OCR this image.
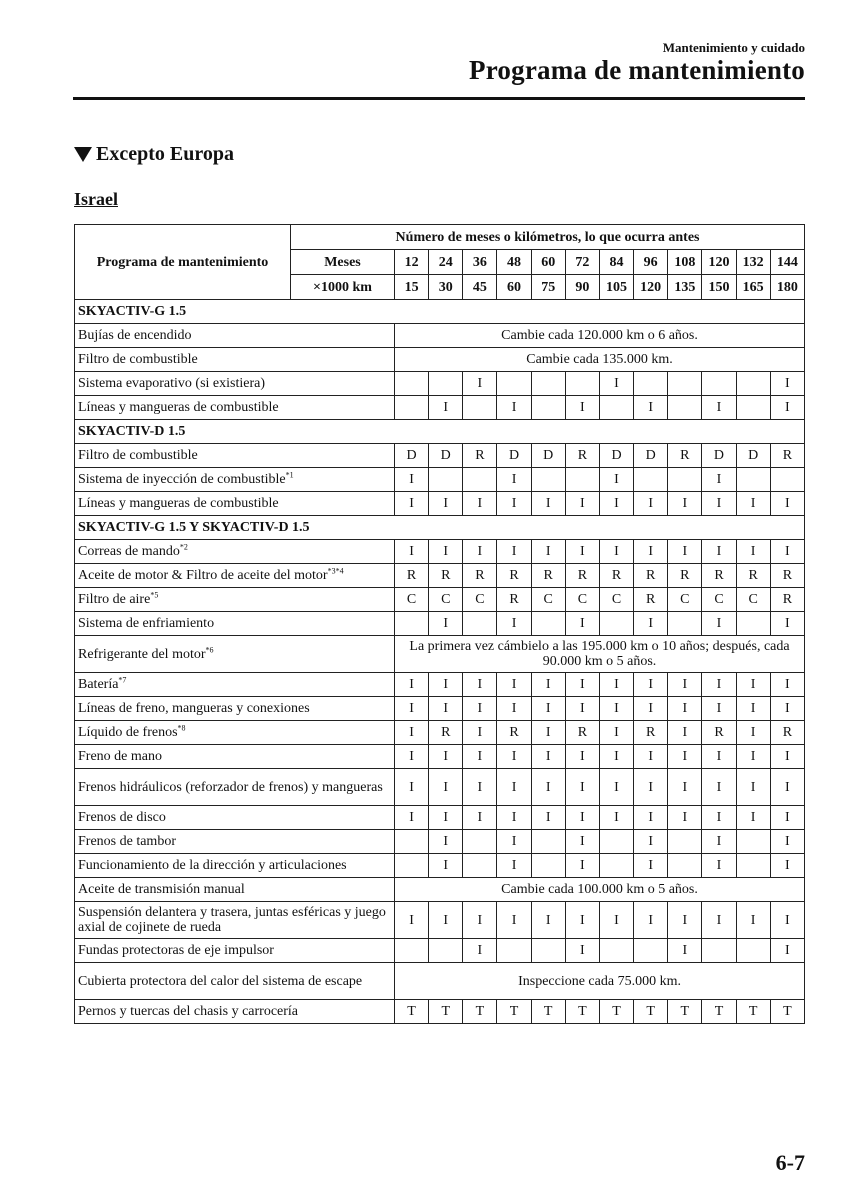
Mantenimiento y cuidado
Programa de mantenimiento
Excepto Europa
Israel
Programa de mantenimiento	Número de meses o kilómetros, lo que ocurra antes												
	Meses	12	24	36	48	60	72	84	96	108	120	132	144
	×1000 km	15	30	45	60	75	90	105	120	135	150	165	180
SKYACTIV-G 1.5													
Bujías de encendido		Cambie cada 120.000 km o 6 años.											
Filtro de combustible		Cambie cada 135.000 km.											
Sistema evaporativo (si existiera)				I				I					I
Líneas y mangueras de combustible			I		I		I		I		I		I
SKYACTIV-D 1.5													
Filtro de combustible		D	D	R	D	D	R	D	D	R	D	D	R
Sistema de inyección de combustible$^{*1}$		I			I			I			I		
Líneas y mangueras de combustible		I	I	I	I	I	I	I	I	I	I	I	I
SKYACTIV-G 1.5 Y SKYACTIV-D 1.5													
Correas de mando$^{*2}$		I	I	I	I	I	I	I	I	I	I	I	I
Aceite de motor & Filtro de aceite del motor$^{*3*4}$		R	R	R	R	R	R	R	R	R	R	R	R
Filtro de aire$^{*5}$		C	C	C	R	C	C	C	R	C	C	C	R
Sistema de enfriamiento			I		I		I		I		I		I
Refrigerante del motor$^{*6}$		La primera vez cámbielo a las 195.000 km o 10 años; después, cada 90.000 km o 5 años.											
Batería$^{*7}$		I	I	I	I	I	I	I	I	I	I	I	I
Líneas de freno, mangueras y conexiones		I	I	I	I	I	I	I	I	I	I	I	I
Líquido de frenos$^{*8}$		I	R	I	R	I	R	I	R	I	R	I	R
Freno de mano		I	I	I	I	I	I	I	I	I	I	I	I
Frenos hidráulicos (reforzador de frenos) y mangueras		I	I	I	I	I	I	I	I	I	I	I	I
Frenos de disco		I	I	I	I	I	I	I	I	I	I	I	I
Frenos de tambor			I		I		I		I		I		I
Funcionamiento de la dirección y articulaciones			I		I		I		I		I		I
Aceite de transmisión manual		Cambie cada 100.000 km o 5 años.											
Suspensión delantera y trasera, juntas esféricas y juego axial de cojinete de rueda		I	I	I	I	I	I	I	I	I	I	I	I
Fundas protectoras de eje impulsor				I			I			I			I
Cubierta protectora del calor del sistema de escape		Inspeccione cada 75.000 km.											
Pernos y tuercas del chasis y carrocería		T	T	T	T	T	T	T	T	T	T	T	T
6-7
